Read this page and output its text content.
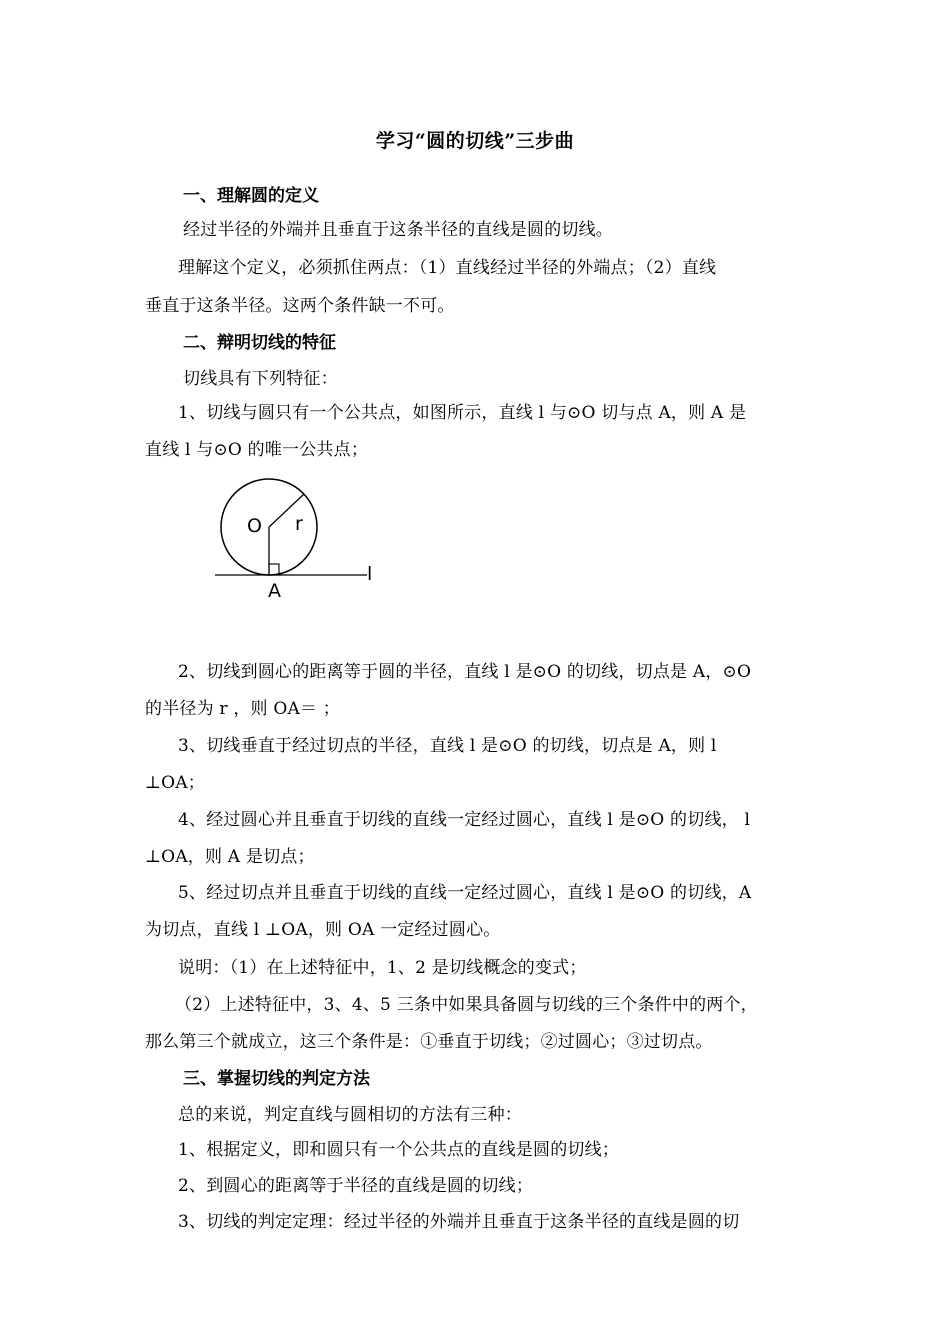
学习“圆的切线”三步曲
一、理解圆的定义
经过半径的外端并且垂直于这条半径的直线是圆的切线。
理解这个定义，必须抓住两点：（1）直线经过半径的外端点；（2）直线
垂直于这条半径。这两个条件缺一不可。
二、辩明切线的特征
切线具有下列特征：
1、切线与圆只有一个公共点，如图所示，直线 l 与⊙O 切与点 A，则 A 是
直线 l 与⊙O 的唯一公共点；
O r
A
l
2、切线到圆心的距离等于圆的半径，直线 l 是⊙O 的切线，切点是 A，⊙O
的半径为 r ，则 OA＝ ；
3、切线垂直于经过切点的半径，直线 l 是⊙O 的切线，切点是 A，则 l
⊥OA；
4、经过圆心并且垂直于切线的直线一定经过圆心，直线 l 是⊙O 的切线， l
⊥OA，则 A 是切点；
5、经过切点并且垂直于切线的直线一定经过圆心，直线 l 是⊙O 的切线，A
为切点，直线 l ⊥OA，则 OA 一定经过圆心。
说明：（1）在上述特征中，1、2 是切线概念的变式；
（2）上述特征中，3、4、5 三条中如果具备圆与切线的三个条件中的两个，
那么第三个就成立，这三个条件是：①垂直于切线；②过圆心；③过切点。
三、掌握切线的判定方法
总的来说，判定直线与圆相切的方法有三种：
1、根据定义，即和圆只有一个公共点的直线是圆的切线；
2、到圆心的距离等于半径的直线是圆的切线；
3、切线的判定定理：经过半径的外端并且垂直于这条半径的直线是圆的切
